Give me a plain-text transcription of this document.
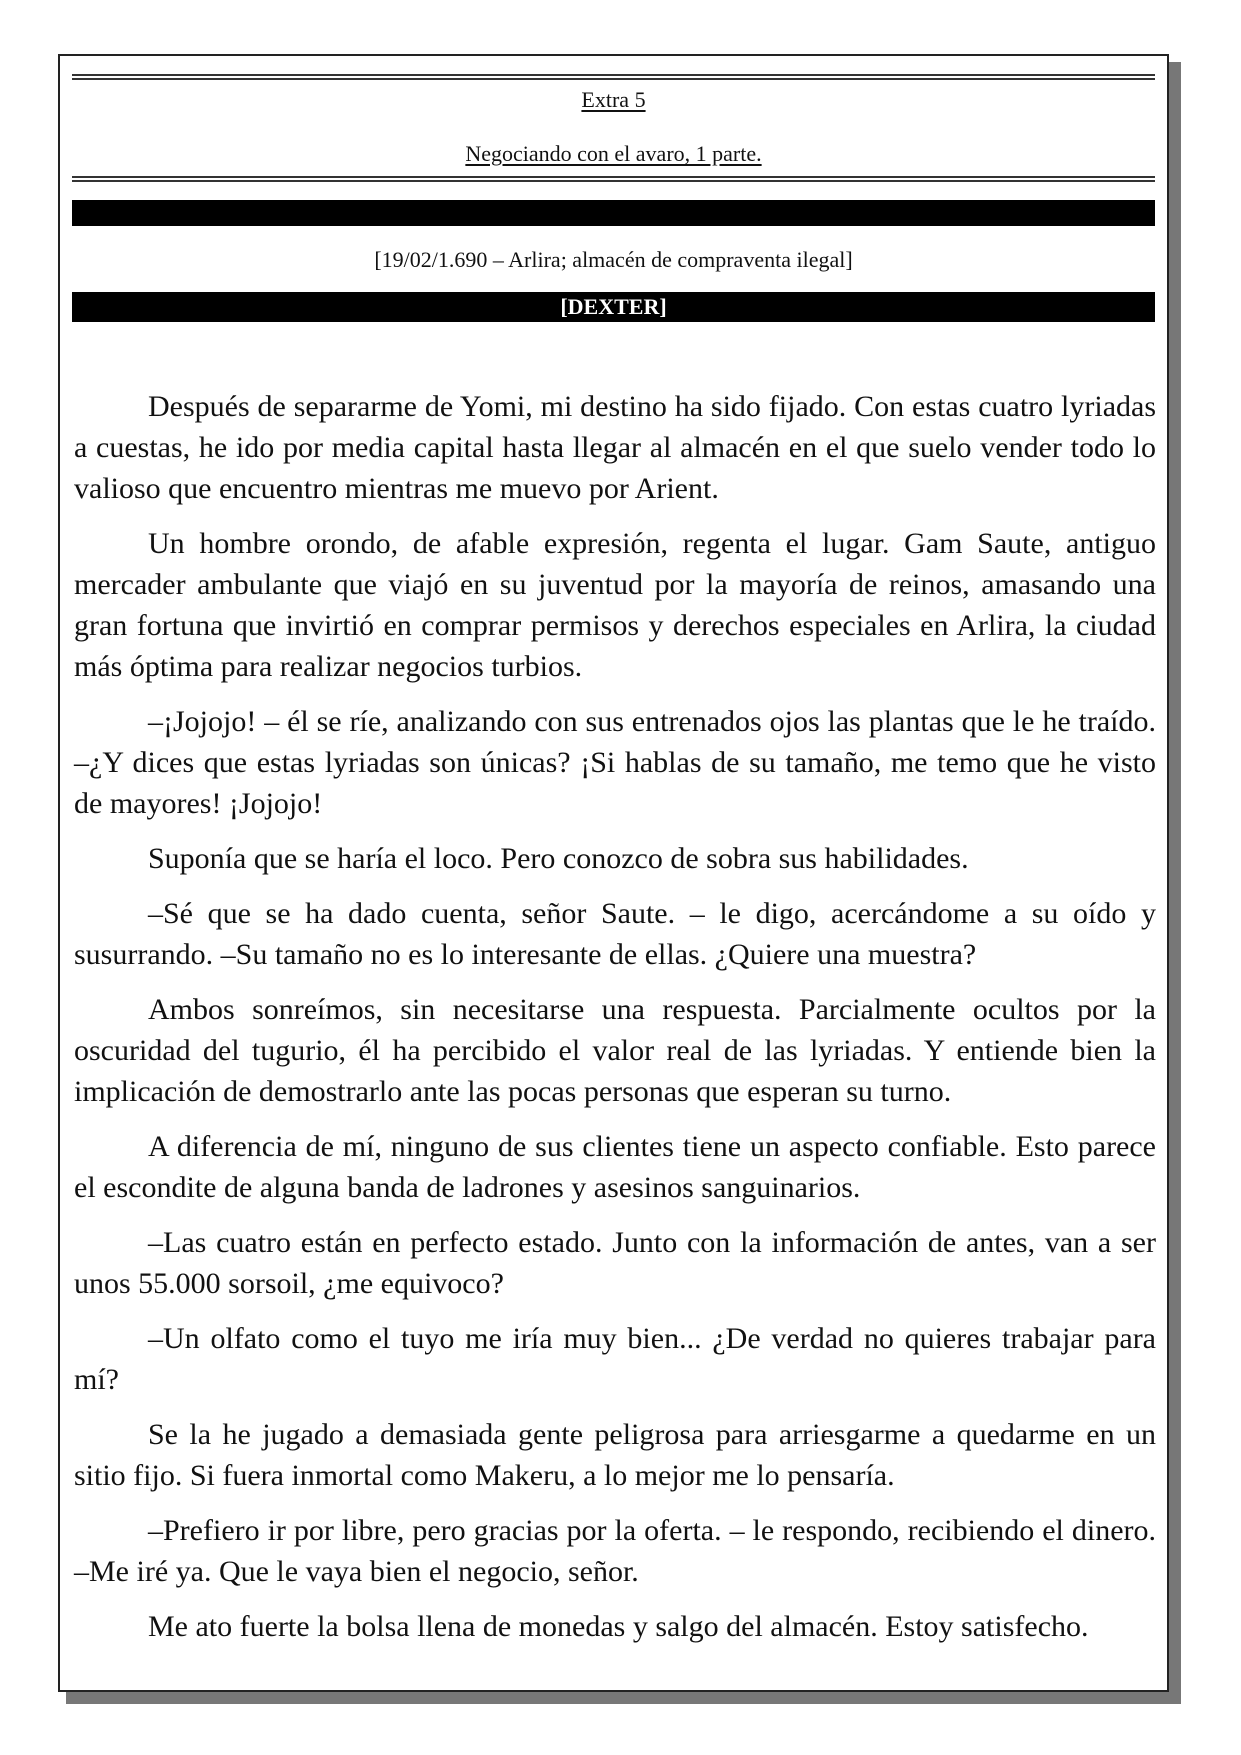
Extra 5
Negociando con el avaro, 1 parte.
[19/02/1.690 – Arlira; almacén de compraventa ilegal]
[DEXTER]

Después de separarme de Yomi, mi destino ha sido fijado. Con estas cuatro lyriadas a cuestas, he ido por media capital hasta llegar al almacén en el que suelo vender todo lo valioso que encuentro mientras me muevo por Arient.

Un hombre orondo, de afable expresión, regenta el lugar. Gam Saute, antiguo mercader ambulante que viajó en su juventud por la mayoría de reinos, amasando una gran fortuna que invirtió en comprar permisos y derechos especiales en Arlira, la ciudad más óptima para realizar negocios turbios.

–¡Jojojo! – él se ríe, analizando con sus entrenados ojos las plantas que le he traído. –¿Y dices que estas lyriadas son únicas? ¡Si hablas de su tamaño, me temo que he visto de mayores! ¡Jojojo!

Suponía que se haría el loco. Pero conozco de sobra sus habilidades.

–Sé que se ha dado cuenta, señor Saute. – le digo, acercándome a su oído y susurrando. –Su tamaño no es lo interesante de ellas. ¿Quiere una muestra?

Ambos sonreímos, sin necesitarse una respuesta. Parcialmente ocultos por la oscuridad del tugurio, él ha percibido el valor real de las lyriadas. Y entiende bien la implicación de demostrarlo ante las pocas personas que esperan su turno.

A diferencia de mí, ninguno de sus clientes tiene un aspecto confiable. Esto parece el escondite de alguna banda de ladrones y asesinos sanguinarios.

–Las cuatro están en perfecto estado. Junto con la información de antes, van a ser unos 55.000 sorsoil, ¿me equivoco?

–Un olfato como el tuyo me iría muy bien... ¿De verdad no quieres trabajar para mí?

Se la he jugado a demasiada gente peligrosa para arriesgarme a quedarme en un sitio fijo. Si fuera inmortal como Makeru, a lo mejor me lo pensaría.

–Prefiero ir por libre, pero gracias por la oferta. – le respondo, recibiendo el dinero. –Me iré ya. Que le vaya bien el negocio, señor.

Me ato fuerte la bolsa llena de monedas y salgo del almacén. Estoy satisfecho.
